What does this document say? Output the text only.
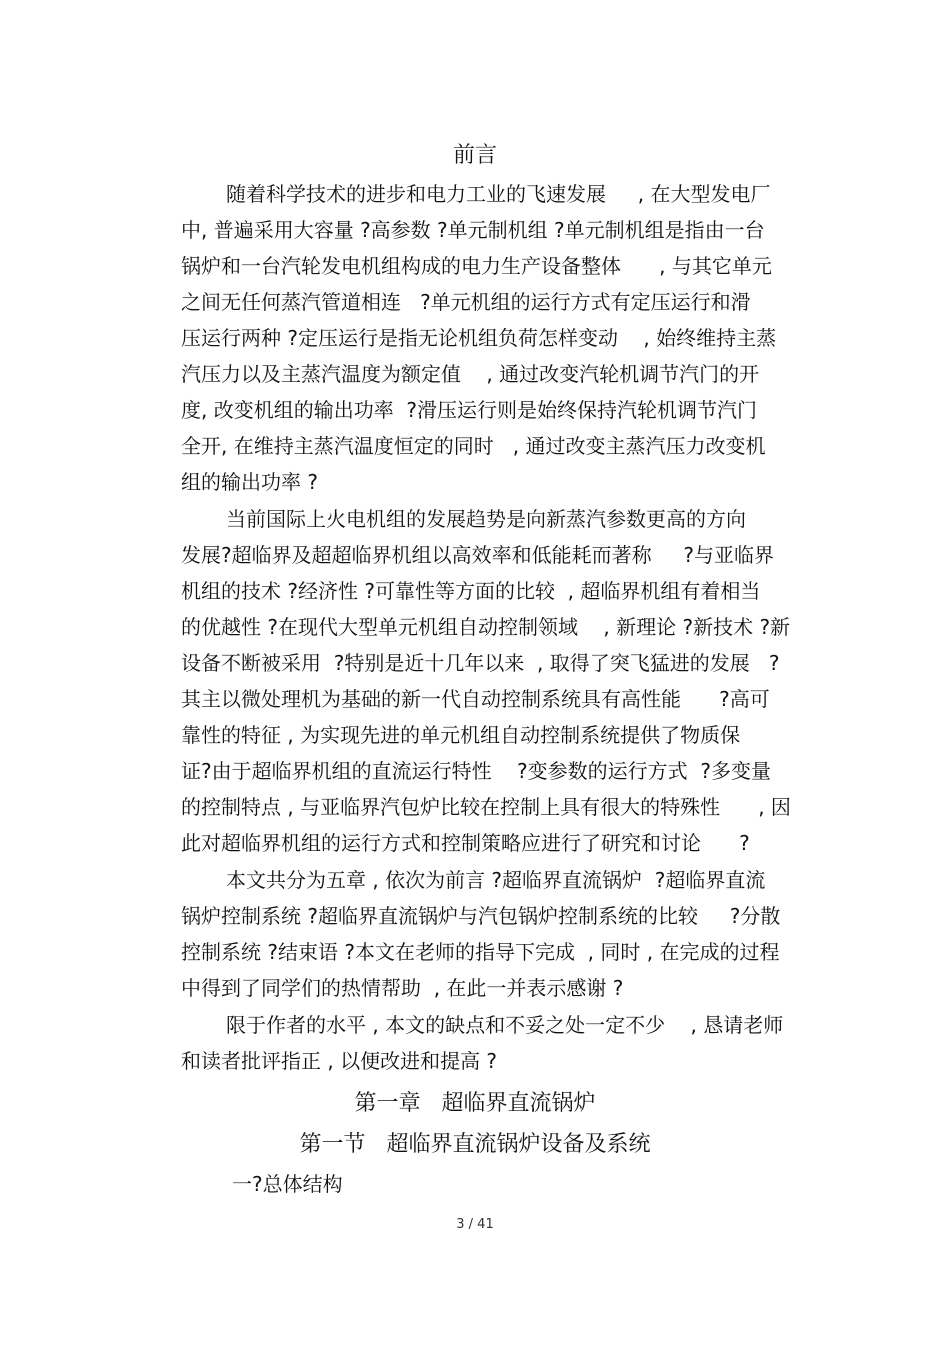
前言
随着科学技术的进步和电力工业的飞速发展     , 在大型发电厂
中, 普遍采用大容量 ?高参数 ?单元制机组 ?单元制机组是指由一台
锅炉和一台汽轮发电机组构成的电力生产设备整体      , 与其它单元
之间无任何蒸汽管道相连   ?单元机组的运行方式有定压运行和滑
压运行两种 ?定压运行是指无论机组负荷怎样变动    , 始终维持主蒸
汽压力以及主蒸汽温度为额定值    , 通过改变汽轮机调节汽门的开
度, 改变机组的输出功率  ?滑压运行则是始终保持汽轮机调节汽门
全开, 在维持主蒸汽温度恒定的同时   , 通过改变主蒸汽压力改变机
组的输出功率 ?
当前国际上火电机组的发展趋势是向新蒸汽参数更高的方向
发展?超临界及超超临界机组以高效率和低能耗而著称     ?与亚临界
机组的技术 ?经济性 ?可靠性等方面的比较  , 超临界机组有着相当
的优越性 ?在现代大型单元机组自动控制领域    , 新理论 ?新技术 ?新
设备不断被采用  ?特别是近十几年以来  , 取得了突飞猛进的发展   ?
其主以微处理机为基础的新一代自动控制系统具有高性能      ?高可
靠性的特征 , 为实现先进的单元机组自动控制系统提供了物质保
证?由于超临界机组的直流运行特性    ?变参数的运行方式  ?多变量
的控制特点 , 与亚临界汽包炉比较在控制上具有很大的特殊性      , 因
此对超临界机组的运行方式和控制策略应进行了研究和讨论      ?
本文共分为五章 , 依次为前言 ?超临界直流锅炉  ?超临界直流
锅炉控制系统 ?超临界直流锅炉与汽包锅炉控制系统的比较     ?分散
控制系统 ?结束语 ?本文在老师的指导下完成  , 同时 , 在完成的过程
中得到了同学们的热情帮助  , 在此一并表示感谢 ?
限于作者的水平 , 本文的缺点和不妥之处一定不少    , 恳请老师
和读者批评指正 , 以便改进和提高 ?
第一章   超临界直流锅炉
第一节   超临界直流锅炉设备及系统
一?总体结构
3 / 41
